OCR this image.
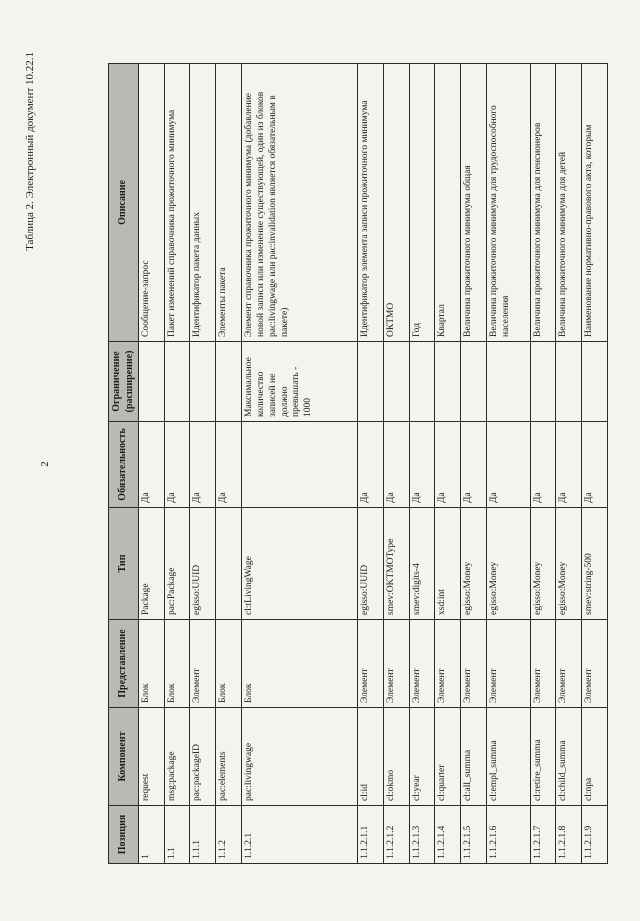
2
Таблица 2. Электронный документ 10.22.1
Позиция	Компонент	Представление	Тип	Обязательность	Ограничение (расширение)	Описание
1	request	Блок	Package	Да		Сообщение-запрос
1.1	msg:package	Блок	pac:Package	Да		Пакет изменений справочника прожиточного минимума
1.1.1	pac:packageID	Элемент	egisso:UUID	Да		Идентификатор пакета данных
1.1.2	pac:elements	Блок		Да		Элементы пакета
1.1.2.1	pac:livingwage	Блок	cl:tLivingWage		Максимальное количество записей не должно превышать - 1000	Элемент справочника прожиточного минимума (добавление новой записи или изменение существующей, один из блоков pac:livingwage или pac:invalidation является обязательным в пакете)
1.1.2.1.1	cl:id	Элемент	egisso:UUID	Да		Идентификатор элемента записи прожиточного минимума
1.1.2.1.2	cl:okmo	Элемент	smev:OKTMOType	Да		ОКТМО
1.1.2.1.3	cl:year	Элемент	smev:digits-4	Да		Год
1.1.2.1.4	cl:quarter	Элемент	xsd:int	Да		Квартал
1.1.2.1.5	cl:all_summa	Элемент	egisso:Money	Да		Величина прожиточного минимума общая
1.1.2.1.6	cl:empl_summa	Элемент	egisso:Money	Да		Величина прожиточного минимума для трудоспособного населения
1.1.2.1.7	cl:retire_summa	Элемент	egisso:Money	Да		Величина прожиточного минимума для пенсионеров
1.1.2.1.8	cl:child_summa	Элемент	egisso:Money	Да		Величина прожиточного минимума для детей
1.1.2.1.9	cl:npa	Элемент	smev:string-500	Да		Наименование нормативно-правового акта, которым
